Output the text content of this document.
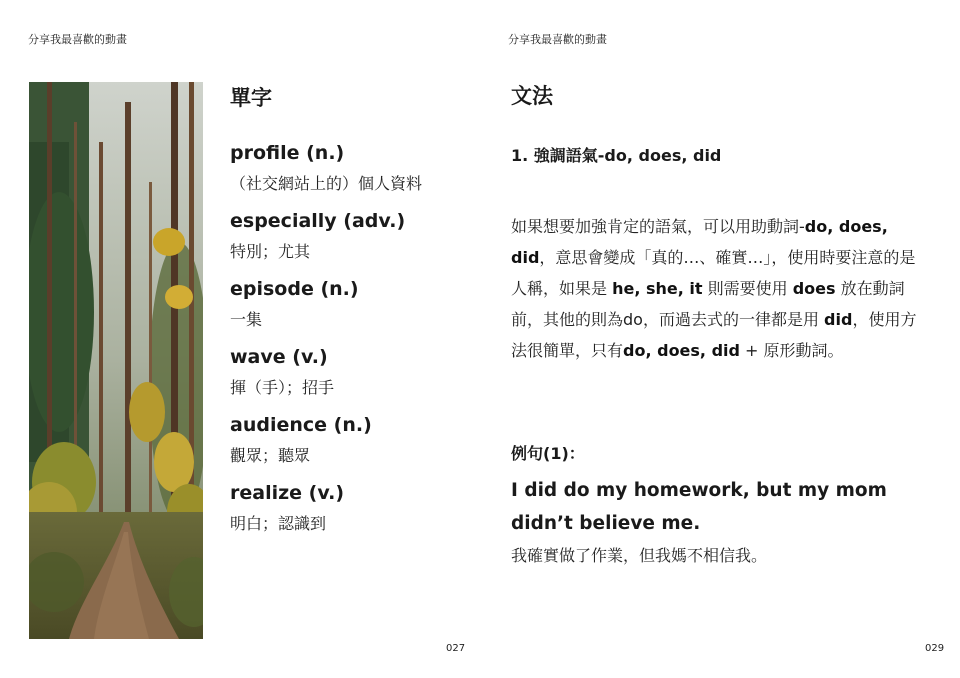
分享我最喜歡的動畫
單字
profile (n.)
（社交網站上的）個人資料
especially (adv.)
特別；尤其
episode (n.)
一集
wave (v.)
揮（手）；招手
audience (n.)
觀眾；聽眾
realize (v.)
明白；認識到
027
分享我最喜歡的動畫
文法
1. 強調語氣-do, does, did

如果想要加強肯定的語氣，可以用助動詞-do, does, did，意思會變成「真的…、確實…」，使用時要注意的是人稱，如果是 he, she, it 則需要使用 does 放在動詞前，其他的則為do，而過去式的一律都是用 did，使用方法很簡單，只有do, does, did + 原形動詞。

例句(1)：
I did do my homework, but my mom didn’t believe me.
我確實做了作業，但我媽不相信我。
029
